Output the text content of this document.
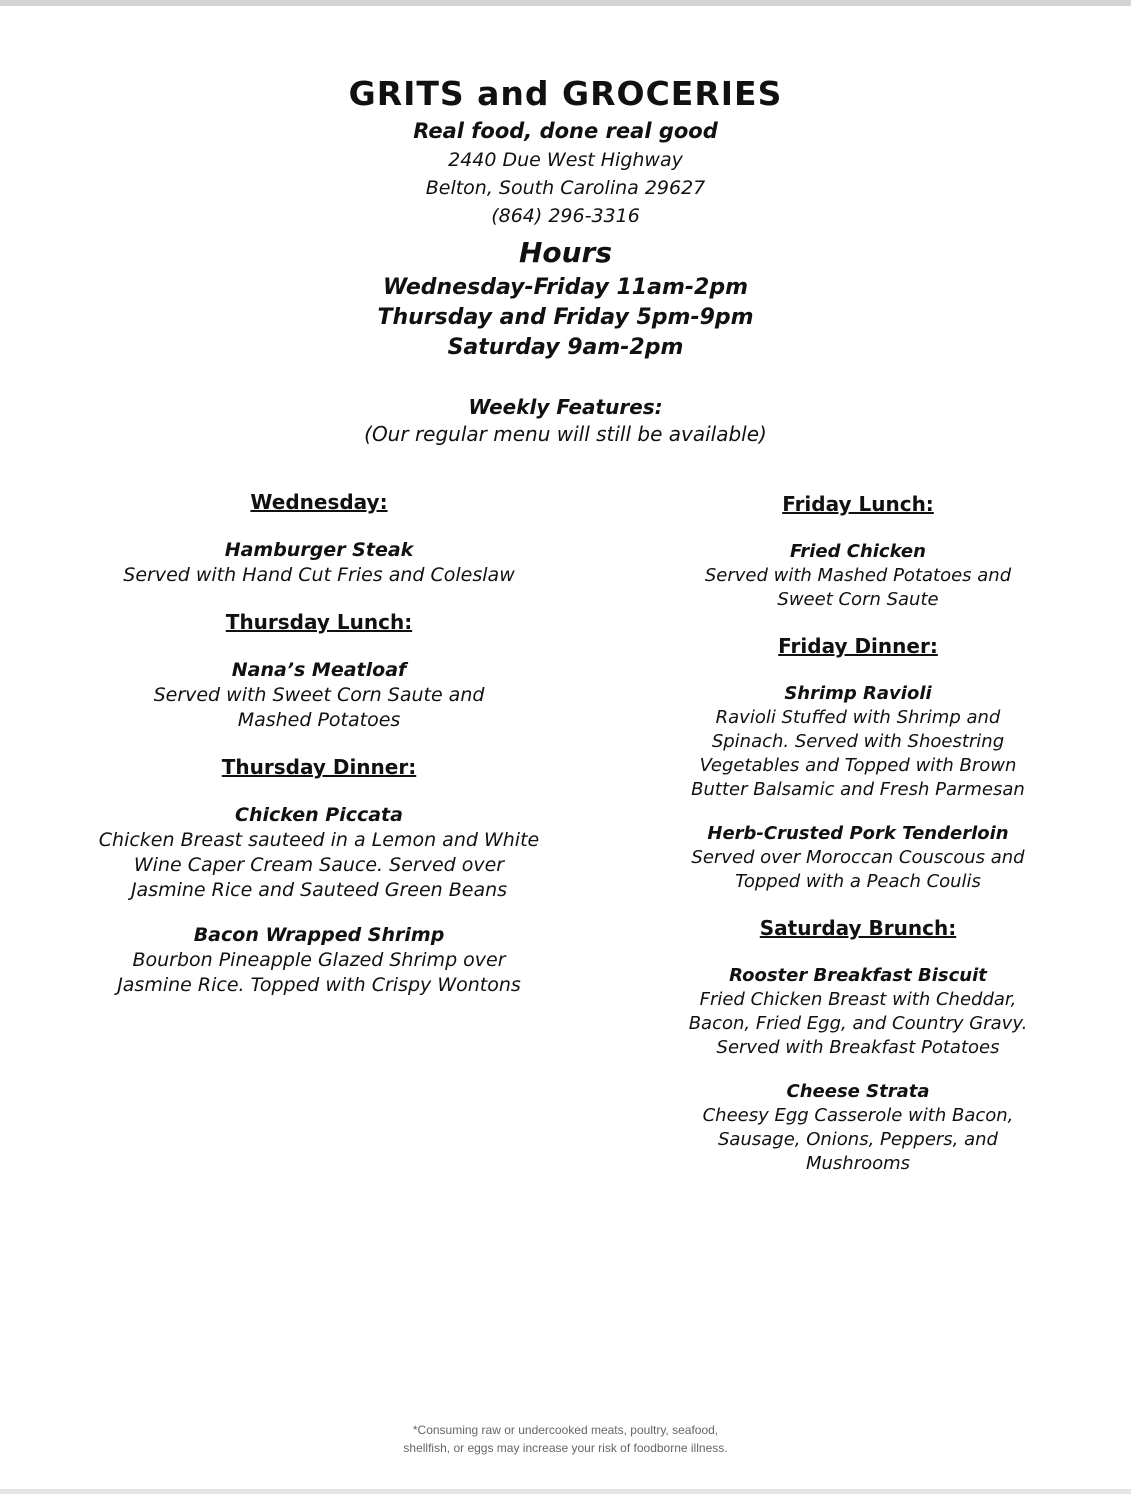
GRITS and GROCERIES
Real food, done real good
2440 Due West Highway
Belton, South Carolina 29627
(864) 296-3316
Hours
Wednesday-Friday 11am-2pm
Thursday and Friday 5pm-9pm
Saturday 9am-2pm
Weekly Features:
(Our regular menu will still be available)
Wednesday:
Hamburger Steak
Served with Hand Cut Fries and Coleslaw
Thursday Lunch:
Nana’s Meatloaf
Served with Sweet Corn Saute and
Mashed Potatoes
Thursday Dinner:
Chicken Piccata
Chicken Breast sauteed in a Lemon and White
Wine Caper Cream Sauce. Served over
Jasmine Rice and Sauteed Green Beans
Bacon Wrapped Shrimp
Bourbon Pineapple Glazed Shrimp over
Jasmine Rice. Topped with Crispy Wontons
Friday Lunch:
Fried Chicken
Served with Mashed Potatoes and
Sweet Corn Saute
Friday Dinner:
Shrimp Ravioli
Ravioli Stuffed with Shrimp and
Spinach. Served with Shoestring
Vegetables and Topped with Brown
Butter Balsamic and Fresh Parmesan
Herb-Crusted Pork Tenderloin
Served over Moroccan Couscous and
Topped with a Peach Coulis
Saturday Brunch:
Rooster Breakfast Biscuit
Fried Chicken Breast with Cheddar,
Bacon, Fried Egg, and Country Gravy.
Served with Breakfast Potatoes
Cheese Strata
Cheesy Egg Casserole with Bacon,
Sausage, Onions, Peppers, and
Mushrooms
*Consuming raw or undercooked meats, poultry, seafood,
shellfish, or eggs may increase your risk of foodborne illness.
